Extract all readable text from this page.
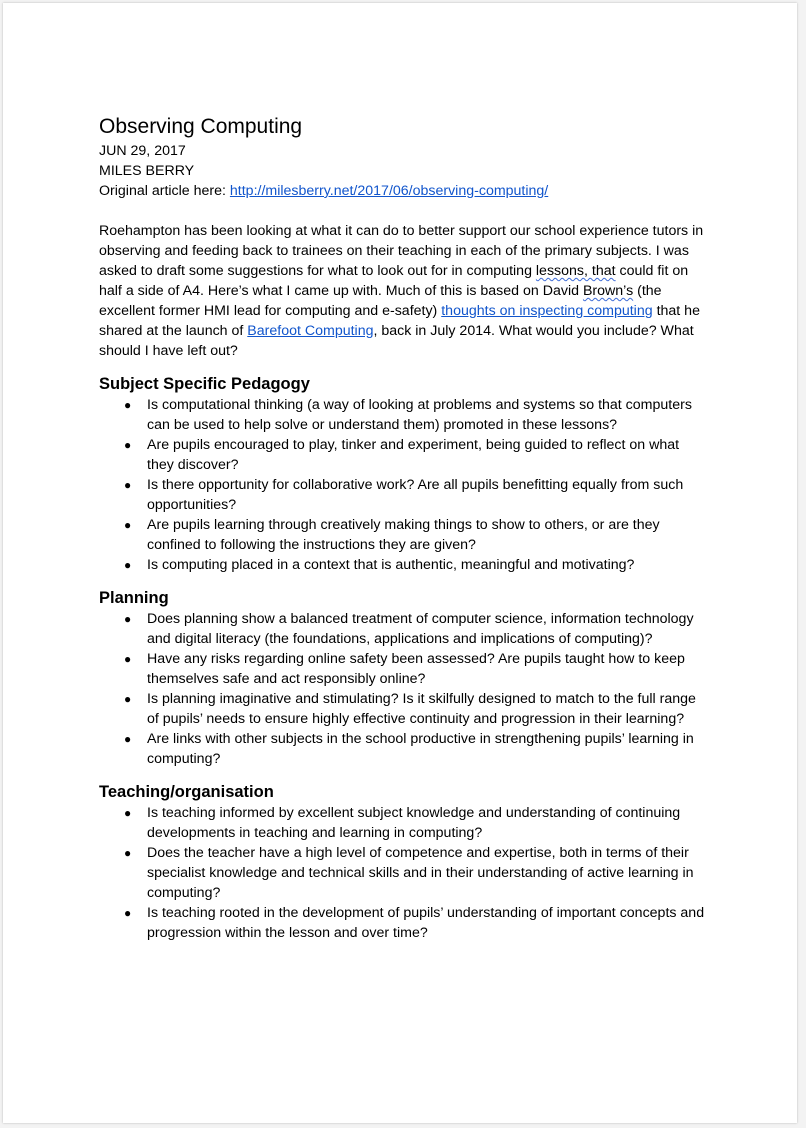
Observing Computing

JUN 29, 2017

MILES BERRY

Original article here: http://milesberry.net/2017/06/observing-computing/

Roehampton has been looking at what it can do to better support our school experience tutors in observing and feeding back to trainees on their teaching in each of the primary subjects. I was asked to draft some suggestions for what to look out for in computing lessons, that could fit on half a side of A4. Here’s what I came up with. Much of this is based on David Brown’s (the excellent former HMI lead for computing and e-safety) thoughts on inspecting computing that he shared at the launch of Barefoot Computing, back in July 2014. What would you include? What should I have left out?

Subject Specific Pedagogy
● Is computational thinking (a way of looking at problems and systems so that computers can be used to help solve or understand them) promoted in these lessons?
● Are pupils encouraged to play, tinker and experiment, being guided to reflect on what they discover?
● Is there opportunity for collaborative work? Are all pupils benefitting equally from such opportunities?
● Are pupils learning through creatively making things to show to others, or are they confined to following the instructions they are given?
● Is computing placed in a context that is authentic, meaningful and motivating?
Planning
● Does planning show a balanced treatment of computer science, information technology and digital literacy (the foundations, applications and implications of computing)?
● Have any risks regarding online safety been assessed? Are pupils taught how to keep themselves safe and act responsibly online?
● Is planning imaginative and stimulating? Is it skilfully designed to match to the full range of pupils’ needs to ensure highly effective continuity and progression in their learning?
● Are links with other subjects in the school productive in strengthening pupils’ learning in computing?
Teaching/organisation
● Is teaching informed by excellent subject knowledge and understanding of continuing developments in teaching and learning in computing?
● Does the teacher have a high level of competence and expertise, both in terms of their specialist knowledge and technical skills and in their understanding of active learning in computing?
● Is teaching rooted in the development of pupils’ understanding of important concepts and progression within the lesson and over time?
